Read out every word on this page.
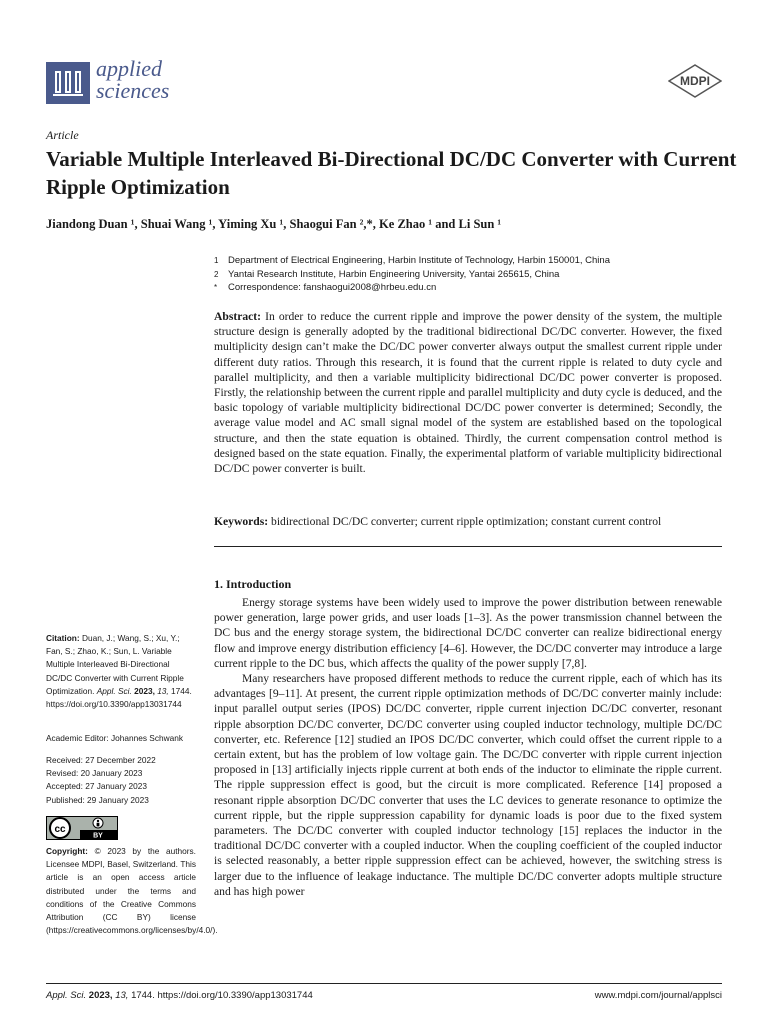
applied
sciences	MDPI
Article
Variable Multiple Interleaved Bi-Directional DC/DC Converter with Current Ripple Optimization
Jiandong Duan ¹, Shuai Wang ¹, Yiming Xu ¹, Shaogui Fan ²,*, Ke Zhao ¹ and Li Sun ¹
1	Department of Electrical Engineering, Harbin Institute of Technology, Harbin 150001, China
2	Yantai Research Institute, Harbin Engineering University, Yantai 265615, China
*	Correspondence: fanshaogui2008@hrbeu.edu.cn
Abstract: In order to reduce the current ripple and improve the power density of the system, the multiple structure design is generally adopted by the traditional bidirectional DC/DC converter. However, the fixed multiplicity design can’t make the DC/DC power converter always output the smallest current ripple under different duty ratios. Through this research, it is found that the current ripple is related to duty cycle and parallel multiplicity, and then a variable multiplicity bidirectional DC/DC power converter is proposed. Firstly, the relationship between the current ripple and parallel multiplicity and duty cycle is deduced, and the basic topology of variable multiplicity bidirectional DC/DC power converter is determined; Secondly, the average value model and AC small signal model of the system are established based on the topological structure, and then the state equation is obtained. Thirdly, the current compensation control method is designed based on the state equation. Finally, the experimental platform of variable multiplicity bidirectional DC/DC power converter is built.
Keywords: bidirectional DC/DC converter; current ripple optimization; constant current control
1. Introduction

Energy storage systems have been widely used to improve the power distribution between renewable power generation, large power grids, and user loads [1–3]. As the power transmission channel between the DC bus and the energy storage system, the bidirectional DC/DC converter can realize bidirectional energy flow and improve energy distribution efficiency [4–6]. However, the DC/DC converter may introduce a large current ripple to the DC bus, which affects the quality of the power supply [7,8].

Many researchers have proposed different methods to reduce the current ripple, each of which has its advantages [9–11]. At present, the current ripple optimization methods of DC/DC converter mainly include: input parallel output series (IPOS) DC/DC converter, ripple current injection DC/DC converter, resonant ripple absorption DC/DC converter, DC/DC converter using coupled inductor technology, multiple DC/DC converter, etc. Reference [12] studied an IPOS DC/DC converter, which could offset the current ripple to a certain extent, but has the problem of low voltage gain. The DC/DC converter with ripple current injection proposed in [13] artificially injects ripple current at both ends of the inductor to eliminate the ripple current. The ripple suppression effect is good, but the circuit is more complicated. Reference [14] proposed a resonant ripple absorption DC/DC converter that uses the LC devices to generate resonance to optimize the current ripple, but the ripple suppression capability for dynamic loads is poor due to the fixed system parameters. The DC/DC converter with coupled inductor technology [15] replaces the inductor in the traditional DC/DC converter with a coupled inductor. When the coupling coefficient of the coupled inductor is selected reasonably, a better ripple suppression effect can be achieved, however, the switching stress is larger due to the influence of leakage inductance. The multiple DC/DC converter adopts multiple structure and has high power

Citation: Duan, J.; Wang, S.; Xu, Y.; Fan, S.; Zhao, K.; Sun, L. Variable Multiple Interleaved Bi-Directional DC/DC Converter with Current Ripple Optimization. Appl. Sci. 2023, 13, 1744. https://doi.org/10.3390/app13031744
Academic Editor: Johannes Schwank
Received: 27 December 2022
Revised: 20 January 2023
Accepted: 27 January 2023
Published: 29 January 2023
cc
BY
Copyright: © 2023 by the authors. Licensee MDPI, Basel, Switzerland. This article is an open access article distributed under the terms and conditions of the Creative Commons Attribution (CC BY) license (https://creativecommons.org/licenses/by/4.0/).
Appl. Sci. 2023, 13, 1744. https://doi.org/10.3390/app13031744	www.mdpi.com/journal/applsci
